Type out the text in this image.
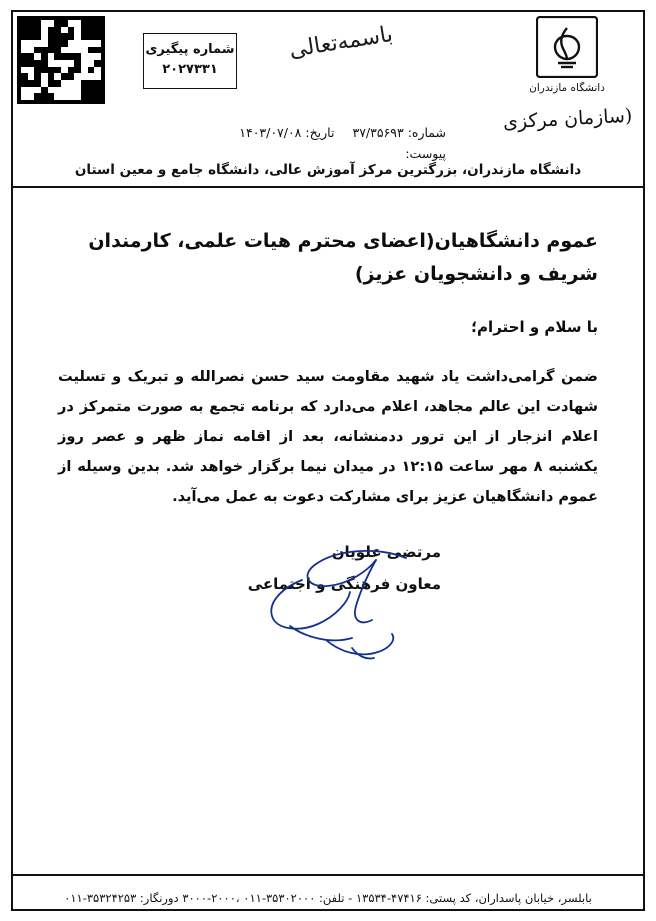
شماره پیگیری
۲۰۲۷۳۳۱
باسمه‌تعالی
دانشگاه مازندران
(سازمان مرکزی
شماره: ۳۷/۳۵۶۹۳
تاریخ: ۱۴۰۳/۰۷/۰۸
پیوست:
دانشگاه مازندران، بزرگترین مرکز آموزش عالی، دانشگاه جامع و معین استان
عموم دانشگاهیان(اعضای محترم هیات علمی، کارمندان شریف و دانشجویان عزیز)
با سلام و احترام؛
ضمن گرامی‌داشت یاد شهید مقاومت سید حسن نصرالله و تبریک و تسلیت شهادت این عالم مجاهد، اعلام می‌دارد که برنامه تجمع به صورت متمرکز در اعلام انزجار از این ترور ددمنشانه، بعد از اقامه نماز ظهر و عصر روز یکشنبه ۸ مهر ساعت ۱۲:۱۵ در میدان نیما برگزار خواهد شد. بدین وسیله از عموم دانشگاهیان عزیز برای مشارکت دعوت به عمل می‌آید.
مرتضی علویان
معاون فرهنگی و اجتماعی
بابلسر، خیابان پاسداران، کد پستی: ۴۷۴۱۶-۱۳۵۳۴ - تلفن: ۳۵۳۰۲۰۰۰-۰۱۱ ،۲۰۰۰-۳۰۰۰ دورنگار: ۳۵۳۲۴۲۵۳-۰۱۱
